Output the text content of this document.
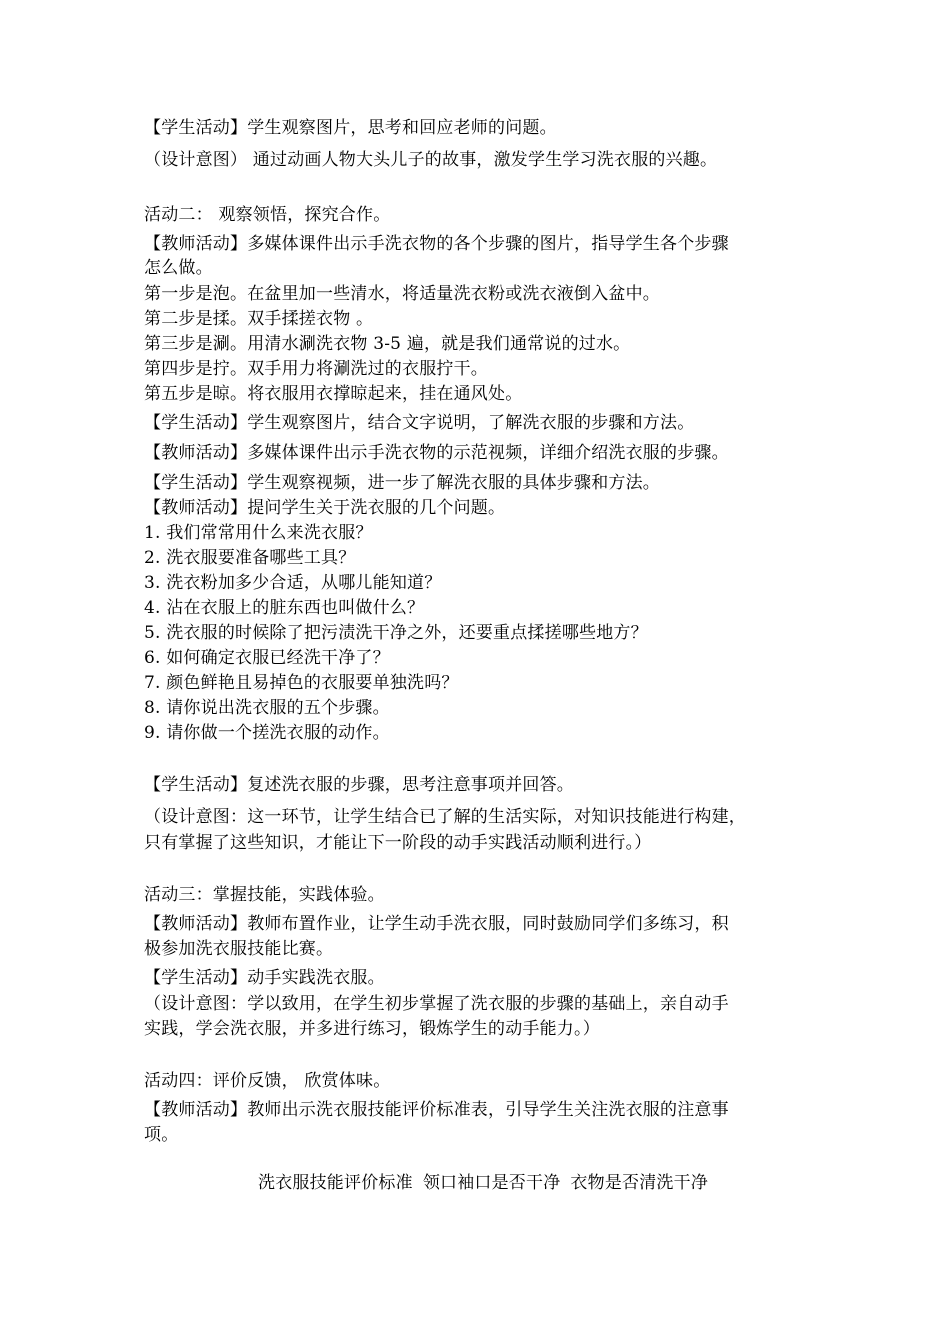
【学生活动】学生观察图片，思考和回应老师的问题。
（设计意图） 通过动画人物大头儿子的故事，激发学生学习洗衣服的兴趣。
活动二： 观察领悟，探究合作。
【教师活动】多媒体课件出示手洗衣物的各个步骤的图片，指导学生各个步骤
怎么做。
第一步是泡。在盆里加一些清水，将适量洗衣粉或洗衣液倒入盆中。
第二步是揉。双手揉搓衣物 。
第三步是涮。用清水涮洗衣物 3-5 遍，就是我们通常说的过水。
第四步是拧。双手用力将涮洗过的衣服拧干。
第五步是晾。将衣服用衣撑晾起来，挂在通风处。
【学生活动】学生观察图片，结合文字说明，了解洗衣服的步骤和方法。
【教师活动】多媒体课件出示手洗衣物的示范视频，详细介绍洗衣服的步骤。
【学生活动】学生观察视频，进一步了解洗衣服的具体步骤和方法。
【教师活动】提问学生关于洗衣服的几个问题。
1. 我们常常用什么来洗衣服？
2. 洗衣服要准备哪些工具？
3. 洗衣粉加多少合适，从哪儿能知道？
4. 沾在衣服上的脏东西也叫做什么？
5. 洗衣服的时候除了把污渍洗干净之外，还要重点揉搓哪些地方？
6. 如何确定衣服已经洗干净了？
7. 颜色鲜艳且易掉色的衣服要单独洗吗？
8. 请你说出洗衣服的五个步骤。
9. 请你做一个搓洗衣服的动作。
【学生活动】复述洗衣服的步骤，思考注意事项并回答。
（设计意图：这一环节，让学生结合已了解的生活实际，对知识技能进行构建，
只有掌握了这些知识，才能让下一阶段的动手实践活动顺利进行。）
活动三：掌握技能，实践体验。
【教师活动】教师布置作业，让学生动手洗衣服，同时鼓励同学们多练习，积
极参加洗衣服技能比赛。
【学生活动】动手实践洗衣服。
（设计意图：学以致用，在学生初步掌握了洗衣服的步骤的基础上，亲自动手
实践，学会洗衣服，并多进行练习，锻炼学生的动手能力。）
活动四：评价反馈， 欣赏体味。
【教师活动】教师出示洗衣服技能评价标准表，引导学生关注洗衣服的注意事
项。
洗衣服技能评价标准 领口袖口是否干净 衣物是否清洗干净
